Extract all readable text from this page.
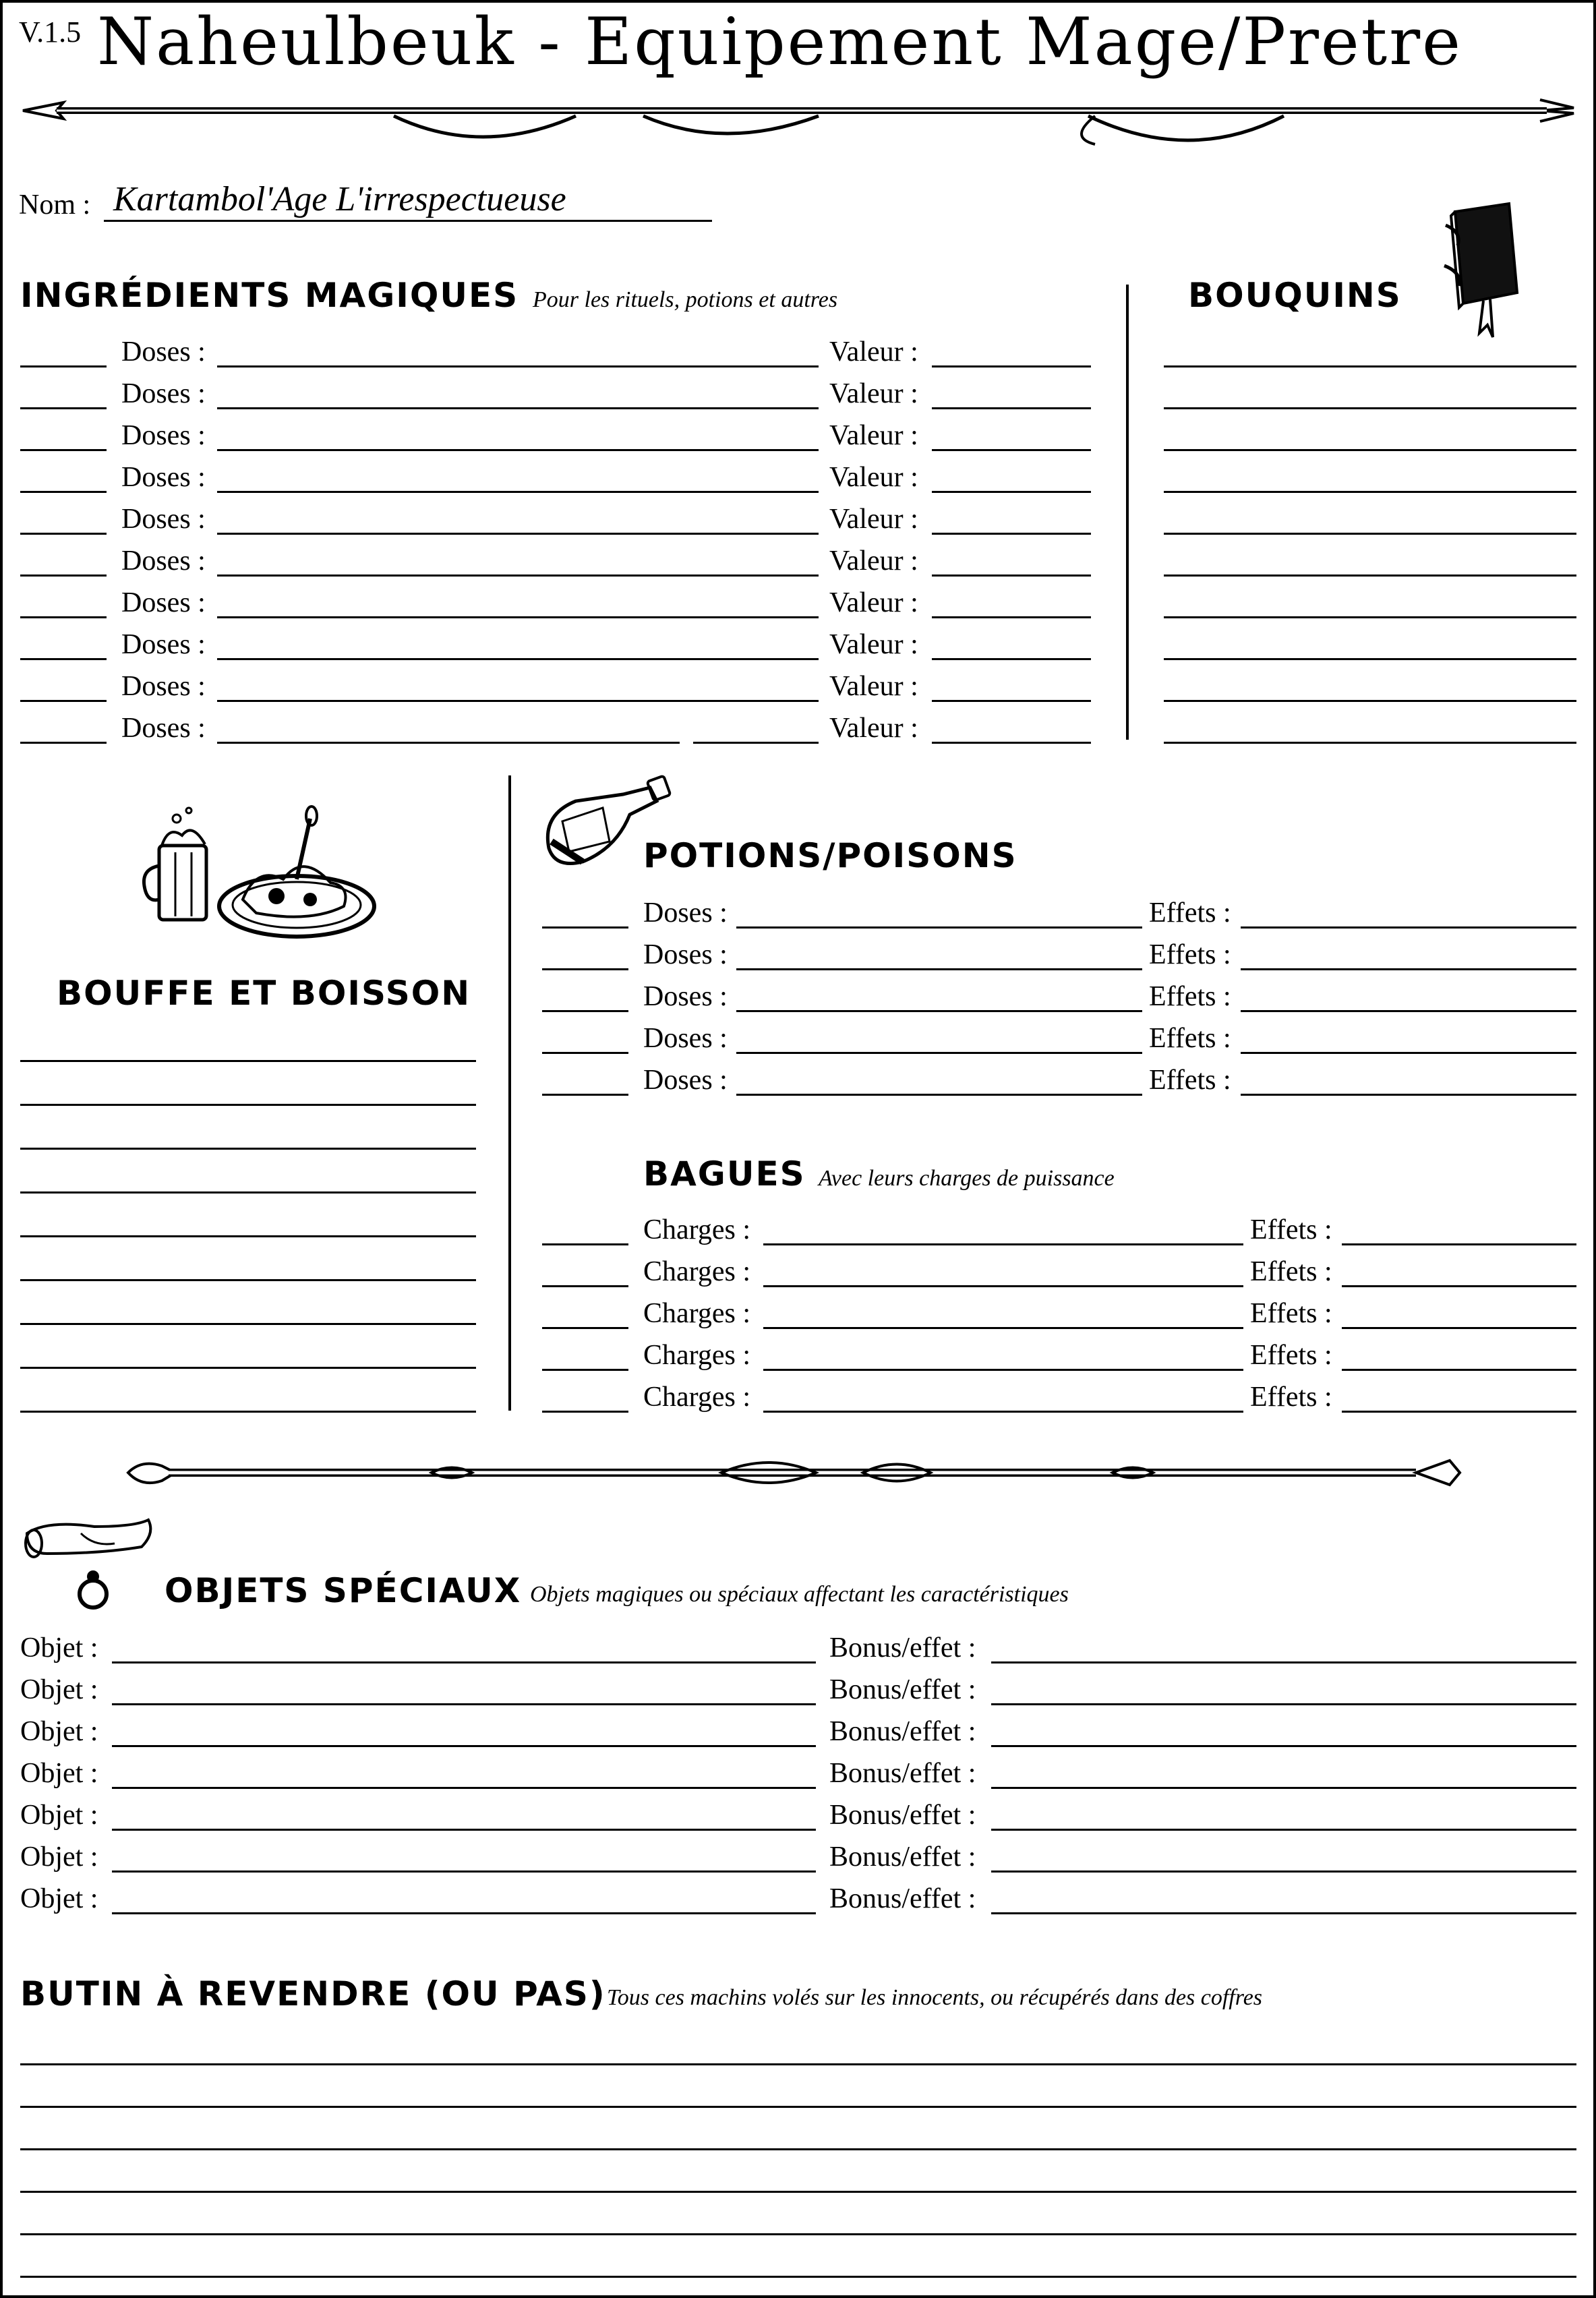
V.1.5 Naheulbeuk - Equipement Mage/Pretre
Nom : Kartambol'Age L'irrespectueuse
INGRÉDIENTS MAGIQUES Pour les rituels, potions et autres
Doses :	Valeur :
Doses :	Valeur :
Doses :	Valeur :
Doses :	Valeur :
Doses :	Valeur :
Doses :	Valeur :
Doses :	Valeur :
Doses :	Valeur :
Doses :	Valeur :
Doses :	Valeur :
BOUQUINS
BOUFFE ET BOISSON
POTIONS/POISONS
Doses :	Effets :
Doses :	Effets :
Doses :	Effets :
Doses :	Effets :
Doses :	Effets :
BAGUES Avec leurs charges de puissance
Charges :	Effets :
Charges :	Effets :
Charges :	Effets :
Charges :	Effets :
Charges :	Effets :
OBJETS SPÉCIAUX Objets magiques ou spéciaux affectant les caractéristiques
Objet :	Bonus/effet :
Objet :	Bonus/effet :
Objet :	Bonus/effet :
Objet :	Bonus/effet :
Objet :	Bonus/effet :
Objet :	Bonus/effet :
Objet :	Bonus/effet :
BUTIN À REVENDRE (OU PAS) Tous ces machins volés sur les innocents, ou récupérés dans des coffres
